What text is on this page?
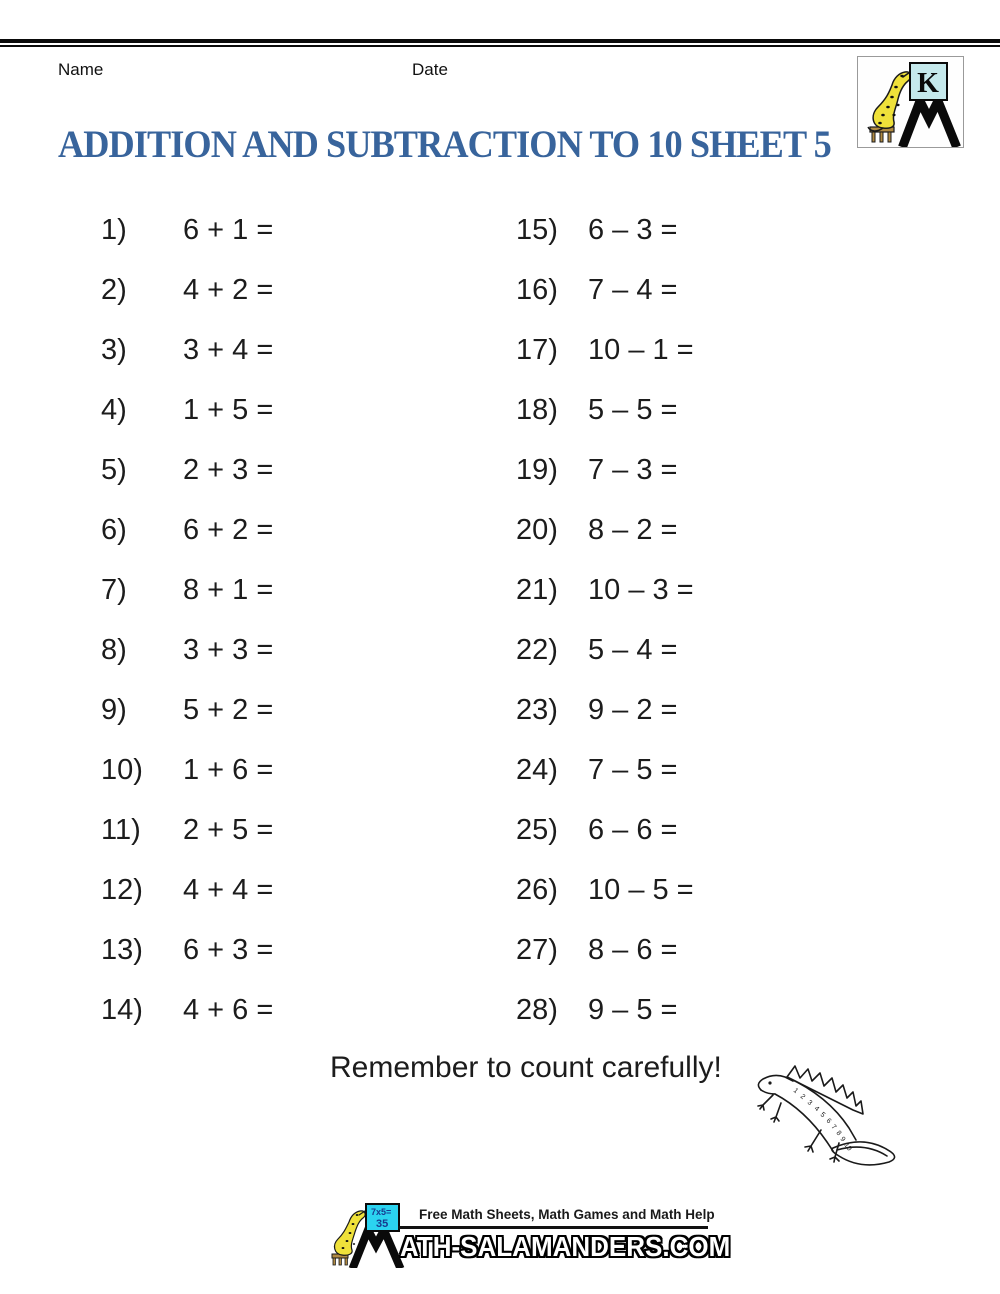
Name	Date	K
ADDITION AND SUBTRACTION TO 10 SHEET 5
1) 6 + 1 =
2) 4 + 2 =
3) 3 + 4 =
4) 1 + 5 =
5) 2 + 3 =
6) 6 + 2 =
7) 8 + 1 =
8) 3 + 3 =
9) 5 + 2 =
10) 1 + 6 =
11) 2 + 5 =
12) 4 + 4 =
13) 6 + 3 =
14) 4 + 6 =
15) 6 – 3 =
16) 7 – 4 =
17) 10 – 1 =
18) 5 – 5 =
19) 7 – 3 =
20) 8 – 2 =
21) 10 – 3 =
22) 5 – 4 =
23) 9 – 2 =
24) 7 – 5 =
25) 6 – 6 =
26) 10 – 5 =
27) 8 – 6 =
28) 9 – 5 =
Remember to count carefully!
1
2
3
4
5
6
7
8
9
10
7x5=
35
Free Math Sheets, Math Games and Math Help
ATH-SALAMANDERS.COM
